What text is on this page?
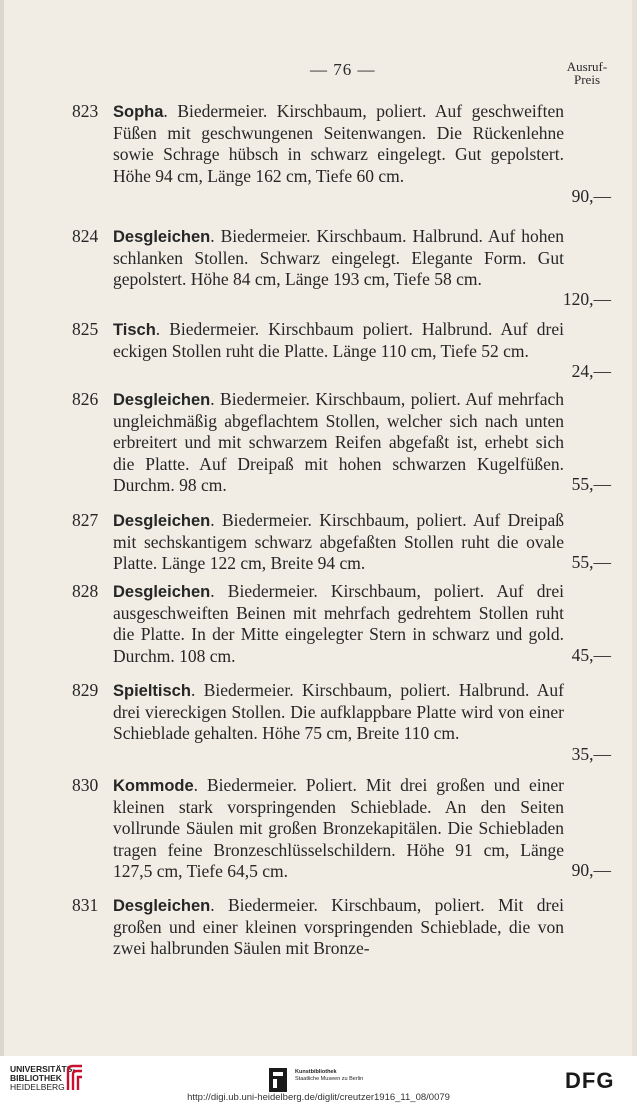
— 76 —	Ausruf-
Preis
823 Sopha. Biedermeier. Kirschbaum, poliert. Auf geschweiften Füßen mit geschwungenen Seitenwangen. Die Rückenlehne sowie Schrage hübsch in schwarz eingelegt. Gut gepolstert. Höhe 94 cm, Länge 162 cm, Tiefe 60 cm.
90,—
824 Desgleichen. Biedermeier. Kirschbaum. Halbrund. Auf hohen schlanken Stollen. Schwarz eingelegt. Elegante Form. Gut gepolstert. Höhe 84 cm, Länge 193 cm, Tiefe 58 cm.
120,—
825 Tisch. Biedermeier. Kirschbaum poliert. Halbrund. Auf drei eckigen Stollen ruht die Platte. Länge 110 cm, Tiefe 52 cm.
24,—
826 Desgleichen. Biedermeier. Kirschbaum, poliert. Auf mehrfach ungleichmäßig abgeflachtem Stollen, welcher sich nach unten erbreitert und mit schwarzem Reifen abgefaßt ist, erhebt sich die Platte. Auf Dreipaß mit hohen schwarzen Kugelfüßen. Durchm. 98 cm.	55,—
827 Desgleichen. Biedermeier. Kirschbaum, poliert. Auf Dreipaß mit sechskantigem schwarz abgefaßten Stollen ruht die ovale Platte. Länge 122 cm, Breite 94 cm.	55,—
828 Desgleichen. Biedermeier. Kirschbaum, poliert. Auf drei ausgeschweiften Beinen mit mehrfach gedrehtem Stollen ruht die Platte. In der Mitte eingelegter Stern in schwarz und gold. Durchm. 108 cm.	45,—
829 Spieltisch. Biedermeier. Kirschbaum, poliert. Halbrund. Auf drei viereckigen Stollen. Die aufklappbare Platte wird von einer Schieblade gehalten. Höhe 75 cm, Breite 110 cm.
35,—
830 Kommode. Biedermeier. Poliert. Mit drei großen und einer kleinen stark vorspringenden Schieblade. An den Seiten vollrunde Säulen mit großen Bronzekapitälen. Die Schiebladen tragen feine Bronzeschlüsselschildern. Höhe 91 cm, Länge 127,5 cm, Tiefe 64,5 cm.	90,—
831 Desgleichen. Biedermeier. Kirschbaum, poliert. Mit drei großen und einer kleinen vorspringenden Schieblade, die von zwei halbrunden Säulen mit Bronze-
UNIVERSITÄTS-
BIBLIOTHEK
HEIDELBERG
Kunstbibliothek
Staatliche Museen zu Berlin	DFG
http://digi.ub.uni-heidelberg.de/diglit/creutzer1916_11_08/0079
